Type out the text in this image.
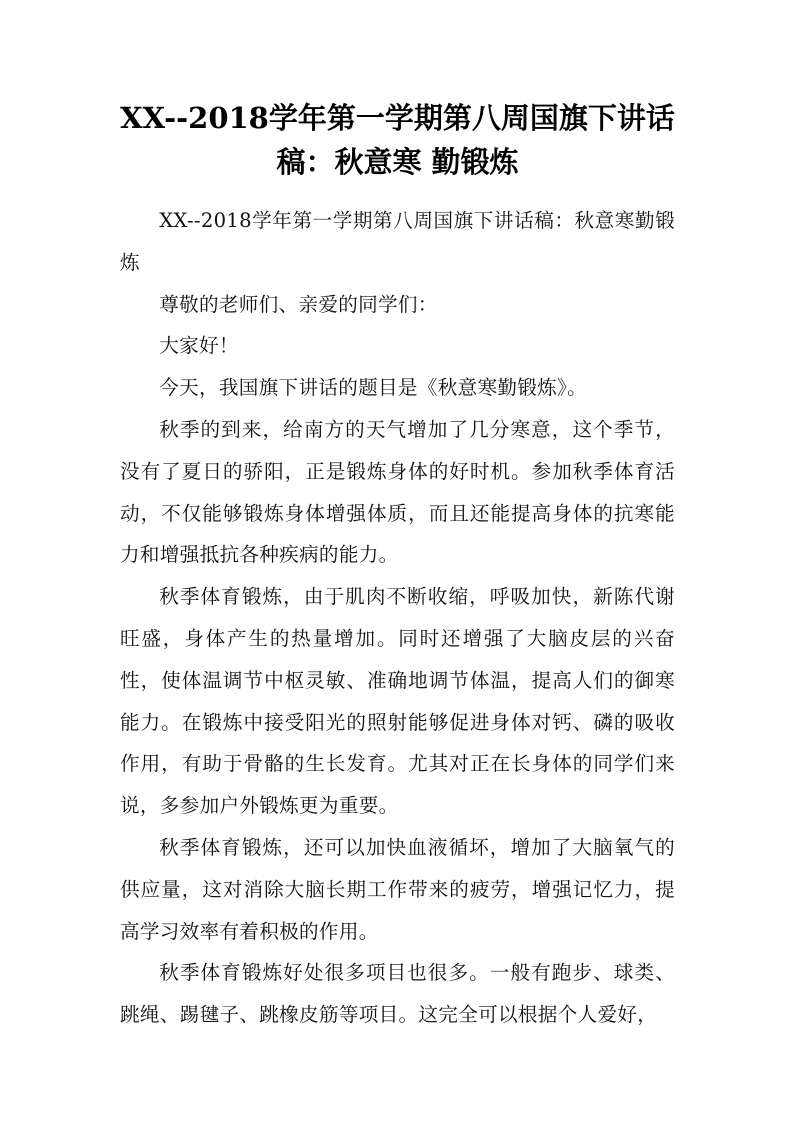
XX--2018学年第一学期第八周国旗下讲话稿：秋意寒 勤锻炼

XX--2018学年第一学期第八周国旗下讲话稿：秋意寒勤锻炼

尊敬的老师们、亲爱的同学们：

大家好！

今天，我国旗下讲话的题目是《秋意寒勤锻炼》。

秋季的到来，给南方的天气增加了几分寒意，这个季节，没有了夏日的骄阳，正是锻炼身体的好时机。参加秋季体育活动，不仅能够锻炼身体增强体质，而且还能提高身体的抗寒能力和增强抵抗各种疾病的能力。

秋季体育锻炼，由于肌肉不断收缩，呼吸加快，新陈代谢旺盛，身体产生的热量增加。同时还增强了大脑皮层的兴奋性，使体温调节中枢灵敏、准确地调节体温，提高人们的御寒能力。在锻炼中接受阳光的照射能够促进身体对钙、磷的吸收作用，有助于骨骼的生长发育。尤其对正在长身体的同学们来说，多参加户外锻炼更为重要。

秋季体育锻炼，还可以加快血液循坏，增加了大脑氧气的供应量，这对消除大脑长期工作带来的疲劳，增强记忆力，提高学习效率有着积极的作用。

秋季体育锻炼好处很多项目也很多。一般有跑步、球类、跳绳、踢毽子、跳橡皮筋等项目。这完全可以根据个人爱好，
